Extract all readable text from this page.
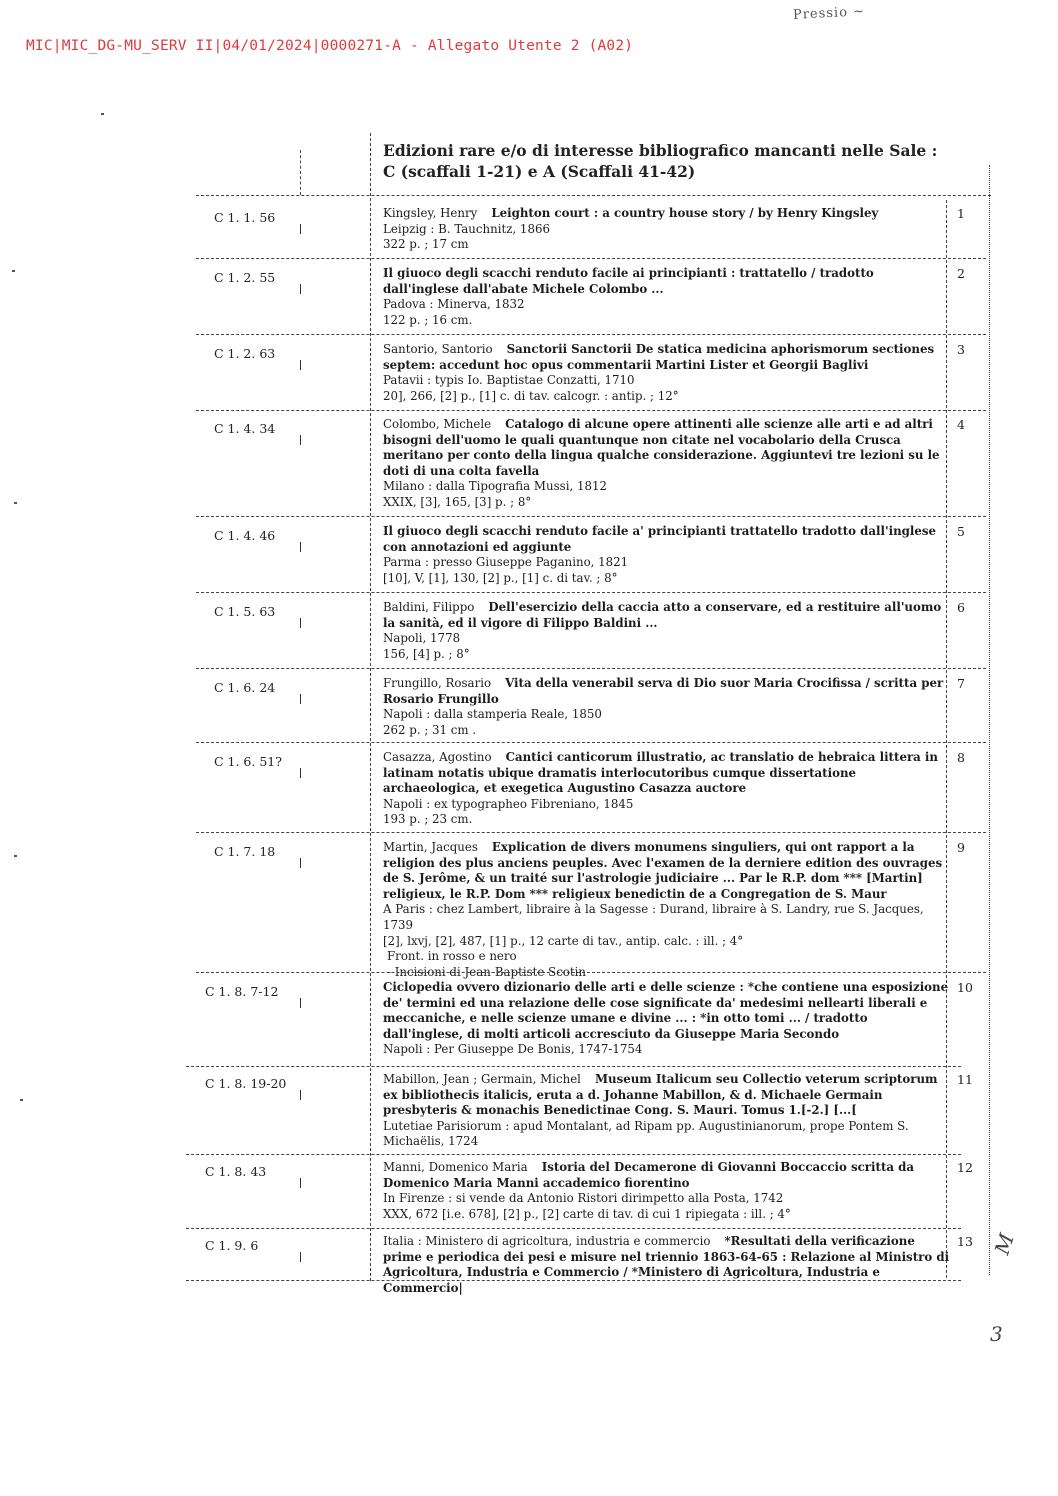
MIC|MIC_DG-MU_SERV II|04/01/2024|0000271-A - Allegato Utente 2 (A02)
Pressio ~
Edizioni rare e/o di interesse bibliografico mancanti nelle Sale :
C (scaffali 1-21) e A (Scaffali 41-42)
C 1. 1. 56	Kingsley, Henry Leighton court : a country house story / by Henry Kingsley
Leipzig : B. Tauchnitz, 1866
322 p. ; 17 cm
1
C 1. 2. 55	Il giuoco degli scacchi renduto facile ai principianti : trattatello / tradotto dall'inglese dall'abate Michele Colombo ...
Padova : Minerva, 1832
122 p. ; 16 cm.
2
C 1. 2. 63	Santorio, Santorio Sanctorii Sanctorii De statica medicina aphorismorum sectiones septem: accedunt hoc opus commentarii Martini Lister et Georgii Baglivi
Patavii : typis Io. Baptistae Conzatti, 1710
20], 266, [2] p., [1] c. di tav. calcogr. : antip. ; 12°
3
C 1. 4. 34	Colombo, Michele Catalogo di alcune opere attinenti alle scienze alle arti e ad altri bisogni dell'uomo le quali quantunque non citate nel vocabolario della Crusca meritano per conto della lingua qualche considerazione. Aggiuntevi tre lezioni su le doti di una colta favella
Milano : dalla Tipografia Mussi, 1812
XXIX, [3], 165, [3] p. ; 8°
4
C 1. 4. 46	Il giuoco degli scacchi renduto facile a' principianti trattatello tradotto dall'inglese con annotazioni ed aggiunte
Parma : presso Giuseppe Paganino, 1821
[10], V, [1], 130, [2] p., [1] c. di tav. ; 8°
5
C 1. 5. 63	Baldini, Filippo Dell'esercizio della caccia atto a conservare, ed a restituire all'uomo la sanità, ed il vigore di Filippo Baldini ...
Napoli, 1778
156, [4] p. ; 8°
6
C 1. 6. 24	Frungillo, Rosario Vita della venerabil serva di Dio suor Maria Crocifissa / scritta per Rosario Frungillo
Napoli : dalla stamperia Reale, 1850
262 p. ; 31 cm .
7
C 1. 6. 51?	Casazza, Agostino Cantici canticorum illustratio, ac translatio de hebraica littera in latinam notatis ubique dramatis interlocutoribus cumque dissertatione archaeologica, et exegetica Augustino Casazza auctore
Napoli : ex typographeo Fibreniano, 1845
193 p. ; 23 cm.
8
C 1. 7. 18	Martin, Jacques Explication de divers monumens singuliers, qui ont rapport a la religion des plus anciens peuples. Avec l'examen de la derniere edition des ouvrages de S. Jerôme, & un traité sur l'astrologie judiciaire ... Par le R.P. dom *** [Martin] religieux, le R.P. Dom *** religieux benedictin de a Congregation de S. Maur
A Paris : chez Lambert, libraire à la Sagesse : Durand, libraire à S. Landry, rue S. Jacques, 1739
[2], lxvj, [2], 487, [1] p., 12 carte di tav., antip. calc. : ill. ; 4°
Front. in rosso e nero
- Incisioni di Jean-Baptiste Scotin
9
C 1. 8. 7-12	Ciclopedia ovvero dizionario delle arti e delle scienze : *che contiene una esposizione de' termini ed una relazione delle cose significate da' medesimi nellearti liberali e meccaniche, e nelle scienze umane e divine ... : *in otto tomi ... / tradotto dall'inglese, di molti articoli accresciuto da Giuseppe Maria Secondo
Napoli : Per Giuseppe De Bonis, 1747-1754
10
C 1. 8. 19-20	Mabillon, Jean ; Germain, Michel Museum Italicum seu Collectio veterum scriptorum ex bibliothecis italicis, eruta a d. Johanne Mabillon, & d. Michaele Germain presbyteris & monachis Benedictinae Cong. S. Mauri. Tomus 1.[-2.] [...[
Lutetiae Parisiorum : apud Montalant, ad Ripam pp. Augustinianorum, prope Pontem S. Michaëlis, 1724
11
C 1. 8. 43	Manni, Domenico Maria Istoria del Decamerone di Giovanni Boccaccio scritta da Domenico Maria Manni accademico fiorentino
In Firenze : si vende da Antonio Ristori dirimpetto alla Posta, 1742
XXX, 672 [i.e. 678], [2] p., [2] carte di tav. di cui 1 ripiegata : ill. ; 4°
12
C 1. 9. 6	Italia : Ministero di agricoltura, industria e commercio *Resultati della verificazione prime e periodica dei pesi e misure nel triennio 1863-64-65 : Relazione al Ministro di Agricoltura, Industria e Commercio / *Ministero di Agricoltura, Industria e Commercio|
13
3
M
